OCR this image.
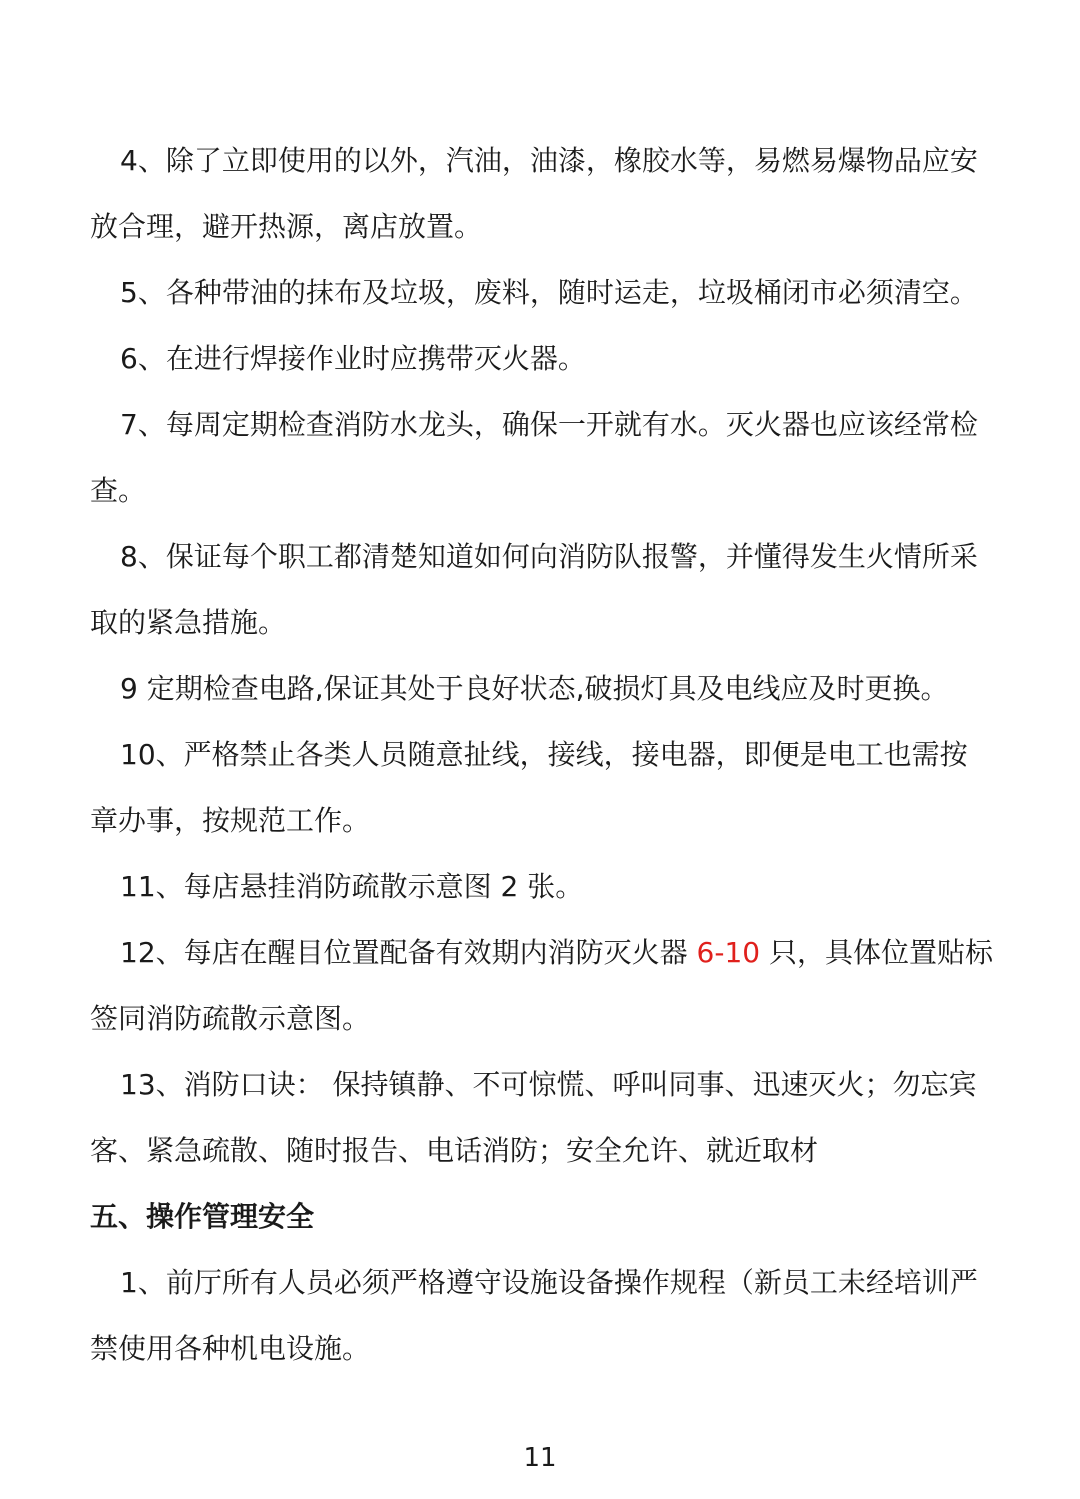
4、除了立即使用的以外，汽油，油漆，橡胶水等，易燃易爆物品应安放合理，避开热源，离店放置。

5、各种带油的抹布及垃圾，废料，随时运走，垃圾桶闭市必须清空。

6、在进行焊接作业时应携带灭火器。

7、每周定期检查消防水龙头，确保一开就有水。灭火器也应该经常检查。

8、保证每个职工都清楚知道如何向消防队报警，并懂得发生火情所采取的紧急措施。

9 定期检查电路,保证其处于良好状态,破损灯具及电线应及时更换。

10、严格禁止各类人员随意扯线，接线，接电器，即便是电工也需按章办事，按规范工作。

11、每店悬挂消防疏散示意图 2 张。

12、每店在醒目位置配备有效期内消防灭火器 6-10 只，具体位置贴标签同消防疏散示意图。

13、消防口诀： 保持镇静、不可惊慌、呼叫同事、迅速灭火；勿忘宾客、紧急疏散、随时报告、电话消防；安全允许、就近取材

五、操作管理安全

1、前厅所有人员必须严格遵守设施设备操作规程（新员工未经培训严禁使用各种机电设施。

11
